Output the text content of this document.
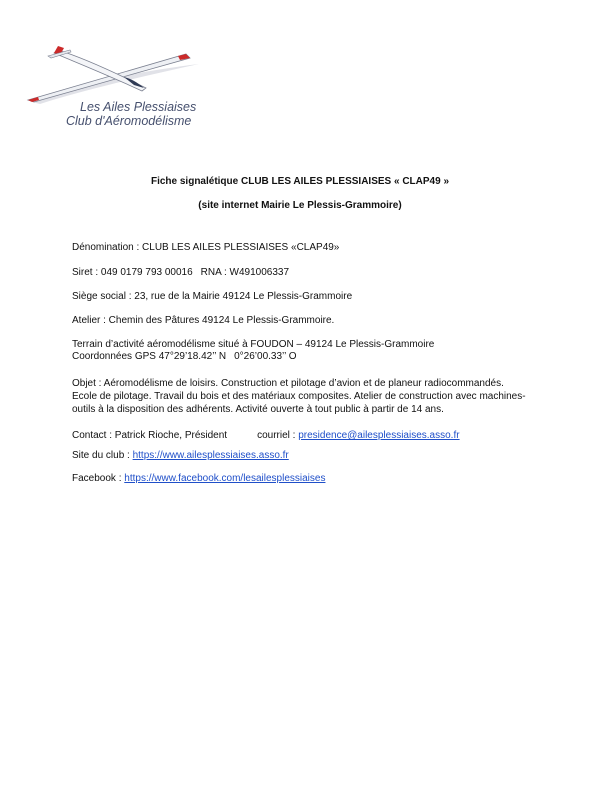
Les Ailes Plessiaises
Club d'Aéromodélisme
Fiche signalétique CLUB LES AILES PLESSIAISES « CLAP49 »
(site internet Mairie Le Plessis-Grammoire)
Dénomination : CLUB LES AILES PLESSIAISES «CLAP49»
Siret : 049 0179 793 00016 RNA : W491006337
Siège social : 23, rue de la Mairie 49124 Le Plessis-Grammoire
Atelier : Chemin des Pâtures 49124 Le Plessis-Grammoire.
Terrain d’activité aéromodélisme situé à FOUDON – 49124 Le Plessis-Grammoire
Coordonnées GPS 47°29’18.42’’ N 0°26’00.33’’ O
Objet : Aéromodélisme de loisirs. Construction et pilotage d’avion et de planeur radiocommandés.
Ecole de pilotage. Travail du bois et des matériaux composites. Atelier de construction avec machines-
outils à la disposition des adhérents. Activité ouverte à tout public à partir de 14 ans.
Contact : Patrick Rioche, Président	courriel : presidence@ailesplessiaises.asso.fr
Site du club : https://www.ailesplessiaises.asso.fr
Facebook : https://www.facebook.com/lesailesplessiaises
